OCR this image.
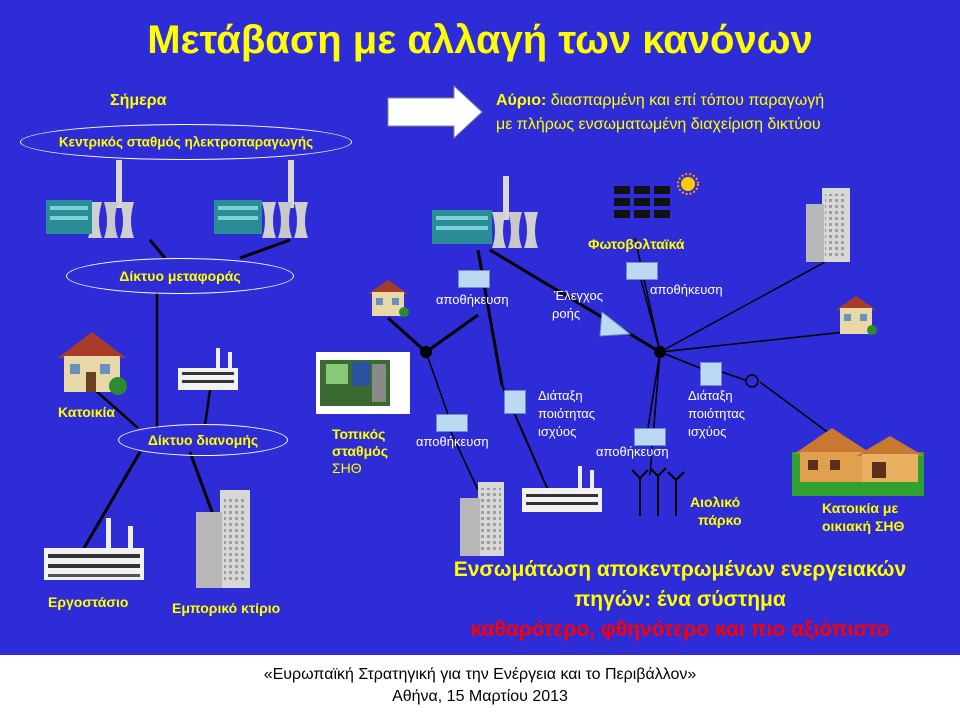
Μετάβαση με αλλαγή των κανόνων
Σήμερα
Κεντρικός σταθμός ηλεκτροπαραγωγής
Δίκτυο μεταφοράς
Δίκτυο διανομής
Κατοικία
Εργοστάσιο	Εμπορικό κτίριο
Αύριο: διασπαρμένη και επί τόπου παραγωγή
με πλήρως ενσωματωμένη διαχείριση δικτύου
Φωτοβολταϊκά
αποθήκευση
αποθήκευση
αποθήκευση
αποθήκευση
Έλεγχος
ροής
Διάταξη
ποιότητας
ισχύος
Διάταξη
ποιότητας
ισχύος
Τοπικός
σταθμός
ΣΗΘ
Αιολικό
πάρκο
Κατοικία με
οικιακή ΣΗΘ
Ενσωμάτωση αποκεντρωμένων ενεργειακών
πηγών: ένα σύστημα
καθαρότερο, φθηνότερο και πιο αξιόπιστο
«Ευρωπαϊκή Στρατηγική για την Ενέργεια και το Περιβάλλον»
Αθήνα, 15 Μαρτίου 2013
